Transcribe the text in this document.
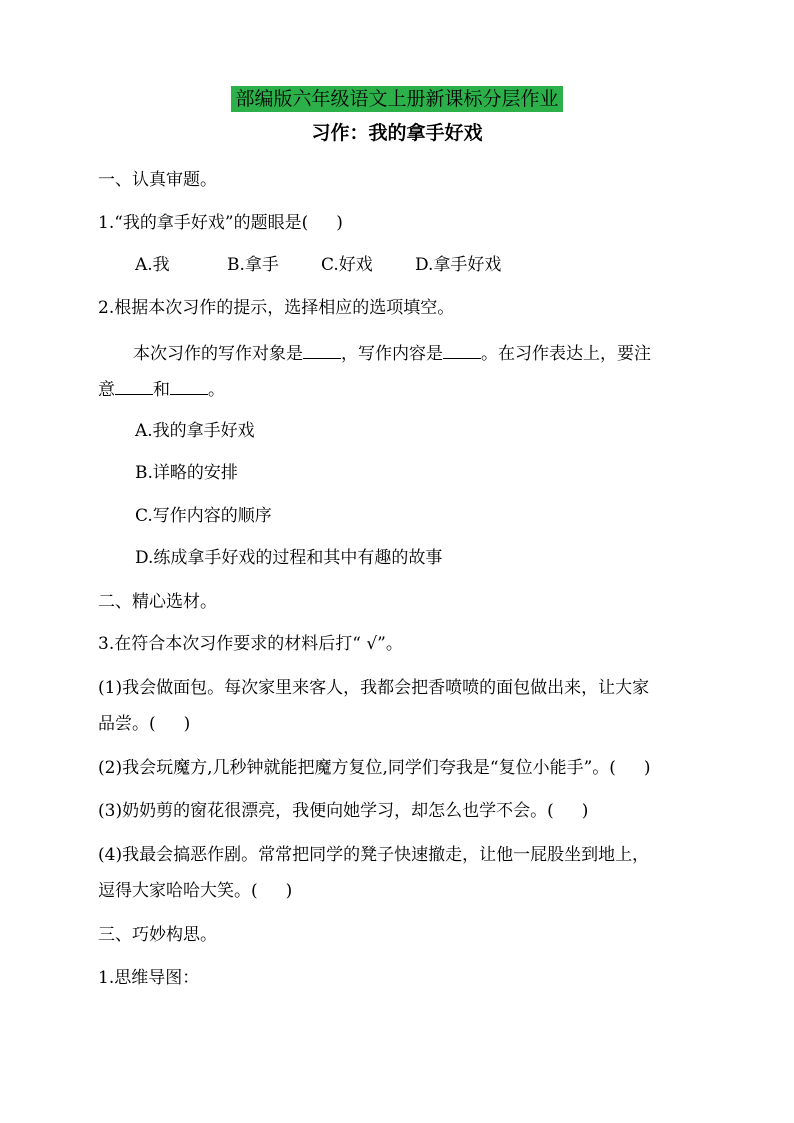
部编版六年级语文上册新课标分层作业
习作：我的拿手好戏
一、认真审题。
1.“我的拿手好戏”的题眼是( )
A.我	B.拿手 C.好戏 D.拿手好戏
2.根据本次习作的提示，选择相应的选项填空。
本次习作的写作对象是 ，写作内容是 。在习作表达上，要注
意 和 。
A.我的拿手好戏
B.详略的安排
C.写作内容的顺序
D.练成拿手好戏的过程和其中有趣的故事
二、精心选材。
3.在符合本次习作要求的材料后打“ √”。
(1)我会做面包。每次家里来客人，我都会把香喷喷的面包做出来，让大家
品尝。( )
(2)我会玩魔方,几秒钟就能把魔方复位,同学们夸我是“复位小能手”。( )
(3)奶奶剪的窗花很漂亮，我便向她学习，却怎么也学不会。( )
(4)我最会搞恶作剧。常常把同学的凳子快速撤走，让他一屁股坐到地上，
逗得大家哈哈大笑。( )
三、巧妙构思。
1.思维导图：
